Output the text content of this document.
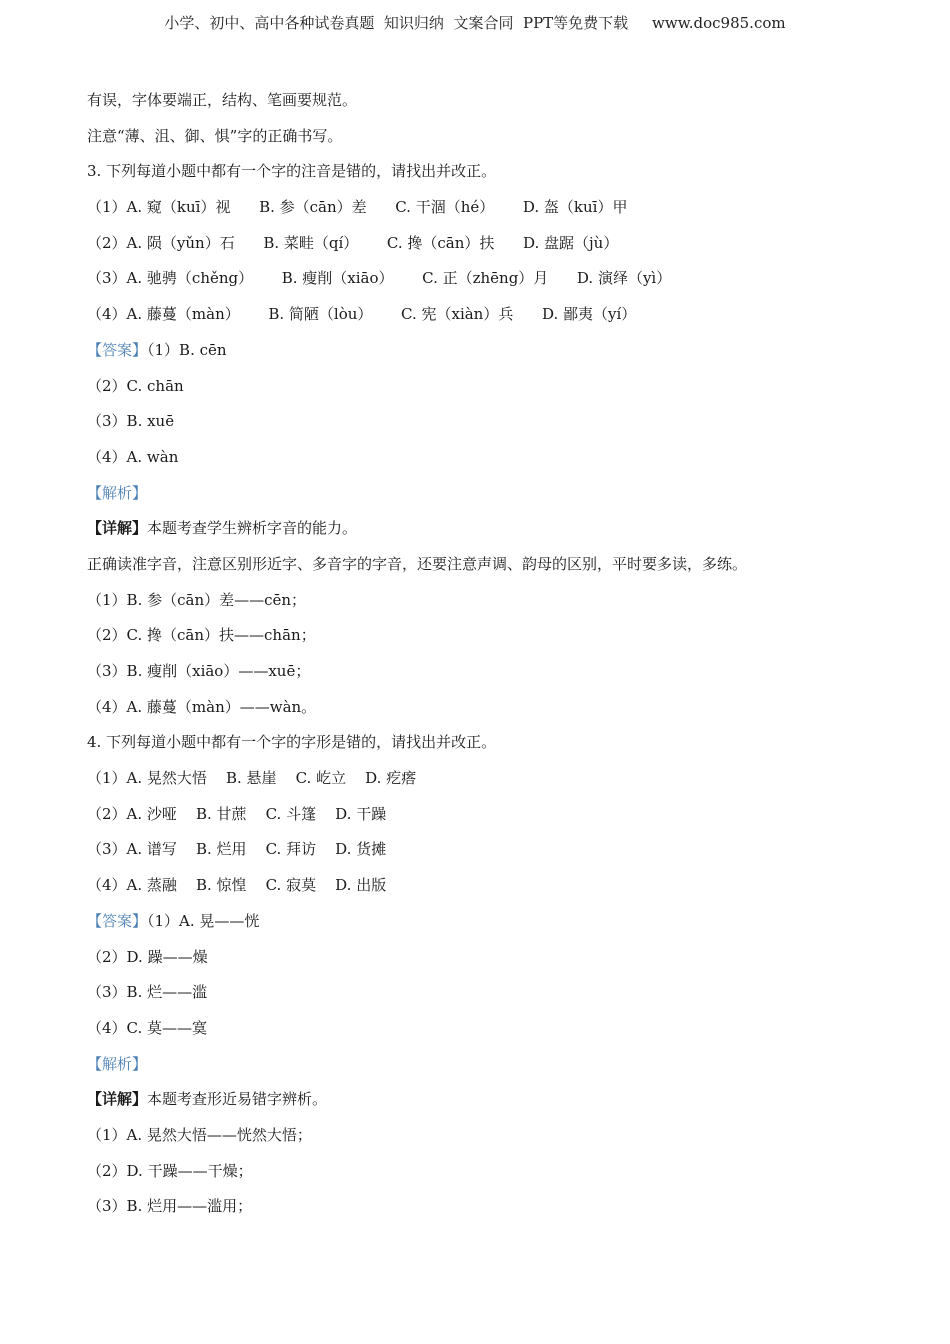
小学、初中、高中各种试卷真题  知识归纳  文案合同  PPT等免费下载     www.doc985.com
有误，字体要端正，结构、笔画要规范。
注意“薄、沮、御、惧”字的正确书写。
3. 下列每道小题中都有一个字的注音是错的，请找出并改正。
（1）A. 窥（kuī）视      B. 参（cān）差      C. 干涸（hé）      D. 盔（kuī）甲
（2）A. 陨（yǔn）石      B. 菜畦（qí）      C. 搀（cān）扶      D. 盘踞（jù）
（3）A. 驰骋（chěng）      B. 瘦削（xiāo）      C. 正（zhēng）月      D. 演绎（yì）
（4）A. 藤蔓（màn）      B. 简陋（lòu）      C. 宪（xiàn）兵      D. 鄙夷（yí）
【答案】（1）B. cēn
（2）C. chān
（3）B. xuē
（4）A. wàn
【解析】
【详解】本题考查学生辨析字音的能力。
正确读准字音，注意区别形近字、多音字的字音，还要注意声调、韵母的区别，平时要多读，多练。
（1）B. 参（cān）差——cēn；
（2）C. 搀（cān）扶——chān；
（3）B. 瘦削（xiāo）——xuē；
（4）A. 藤蔓（màn）——wàn。
4. 下列每道小题中都有一个字的字形是错的，请找出并改正。
（1）A. 晃然大悟    B. 悬崖    C. 屹立    D. 疙瘩
（2）A. 沙哑    B. 甘蔗    C. 斗篷    D. 干躁
（3）A. 谱写    B. 烂用    C. 拜访    D. 货摊
（4）A. 蒸融    B. 惊惶    C. 寂莫    D. 出版
【答案】（1）A. 晃——恍
（2）D. 躁——燥
（3）B. 烂——滥
（4）C. 莫——寞
【解析】
【详解】本题考查形近易错字辨析。
（1）A. 晃然大悟——恍然大悟；
（2）D. 干躁——干燥；
（3）B. 烂用——滥用；
